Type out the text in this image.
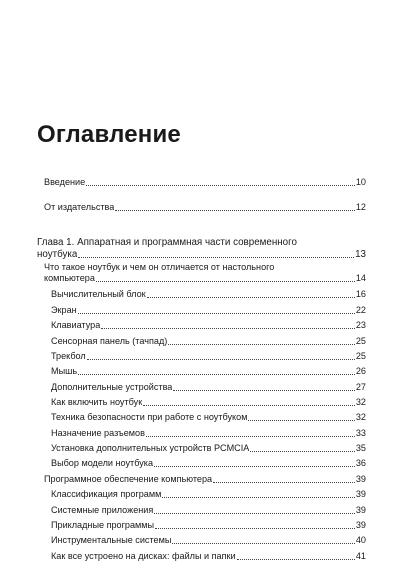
Оглавление
Введение	10
От издательства	12
Глава 1. Аппаратная и программная части современного
ноутбука	13
Что такое ноутбук и чем он отличается от настольного
компьютера	14
Вычислительный блок	16
Экран	22
Клавиатура	23
Сенсорная панель (тачпад)	25
Трекбол	25
Мышь	26
Дополнительные устройства	27
Как включить ноутбук	32
Техника безопасности при работе с ноутбуком	32
Назначение разъемов	33
Установка дополнительных устройств PCMCIA	35
Выбор модели ноутбука	36
Программное обеспечение компьютера	39
Классификация программ	39
Системные приложения	39
Прикладные программы	39
Инструментальные системы	40
Как все устроено на дисках: файлы и папки	41
